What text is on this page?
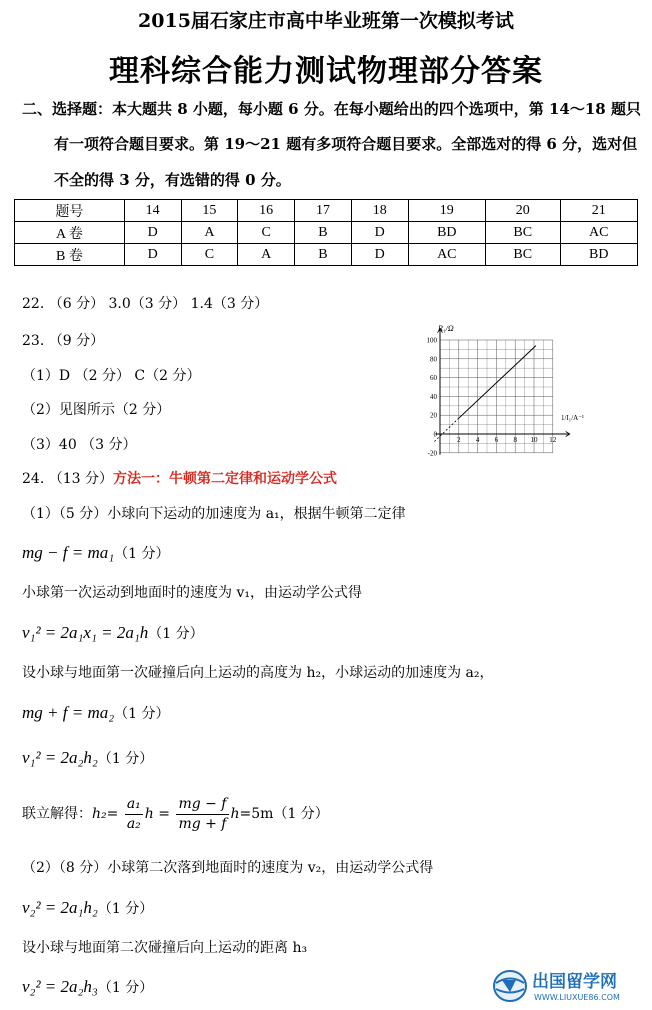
2015届石家庄市高中毕业班第一次模拟考试
理科综合能力测试物理部分答案
二、选择题：本大题共 8 小题，每小题 6 分。在每小题给出的四个选项中，第 14～18 题只
有一项符合题目要求。第 19～21 题有多项符合题目要求。全部选对的得 6 分，选对但
不全的得 3 分，有选错的得 0 分。
题号	14	15	16	17	18	19	20	21
A 卷	D	A	C	B	D	BD	BC	AC
B 卷	D	C	A	B	D	AC	BC	BD
22. （6 分） 3.0（3 分） 1.4（3 分）
23. （9 分）
（1）D （2 分） C（2 分）
（2）见图所示（2 分）
（3）40 （3 分）
100
80
60
40
20
0
-20
2 4 6 8 10 12
R₁/Ω
1/I₁/A⁻¹
24. （13 分）方法一：牛顿第二定律和运动学公式
（1）（5 分）小球向下运动的加速度为 a₁，根据牛顿第二定律
mg − f = ma₁（1 分）
小球第一次运动到地面时的速度为 v₁，由运动学公式得
v₁² = 2a₁x₁ = 2a₁h（1 分）
设小球与地面第一次碰撞后向上运动的高度为 h₂，小球运动的加速度为 a₂，
mg + f = ma₂（1 分）
v₁² = 2a₂h₂（1 分）
联立解得：$h_2= \frac{\text{a₁}}{\text{a₂}}$ $h = \frac{mg - f}{mg + f} h=5m(1$ 分）
（2）（8 分）小球第二次落到地面时的速度为 v₂，由运动学公式得
v₂² = 2a₁h₂（1 分）
设小球与地面第二次碰撞后向上运动的距离 h₃
v₂² = 2a₂h₃（1 分）	出国留学网
WWW.LIUXUE86.COM
